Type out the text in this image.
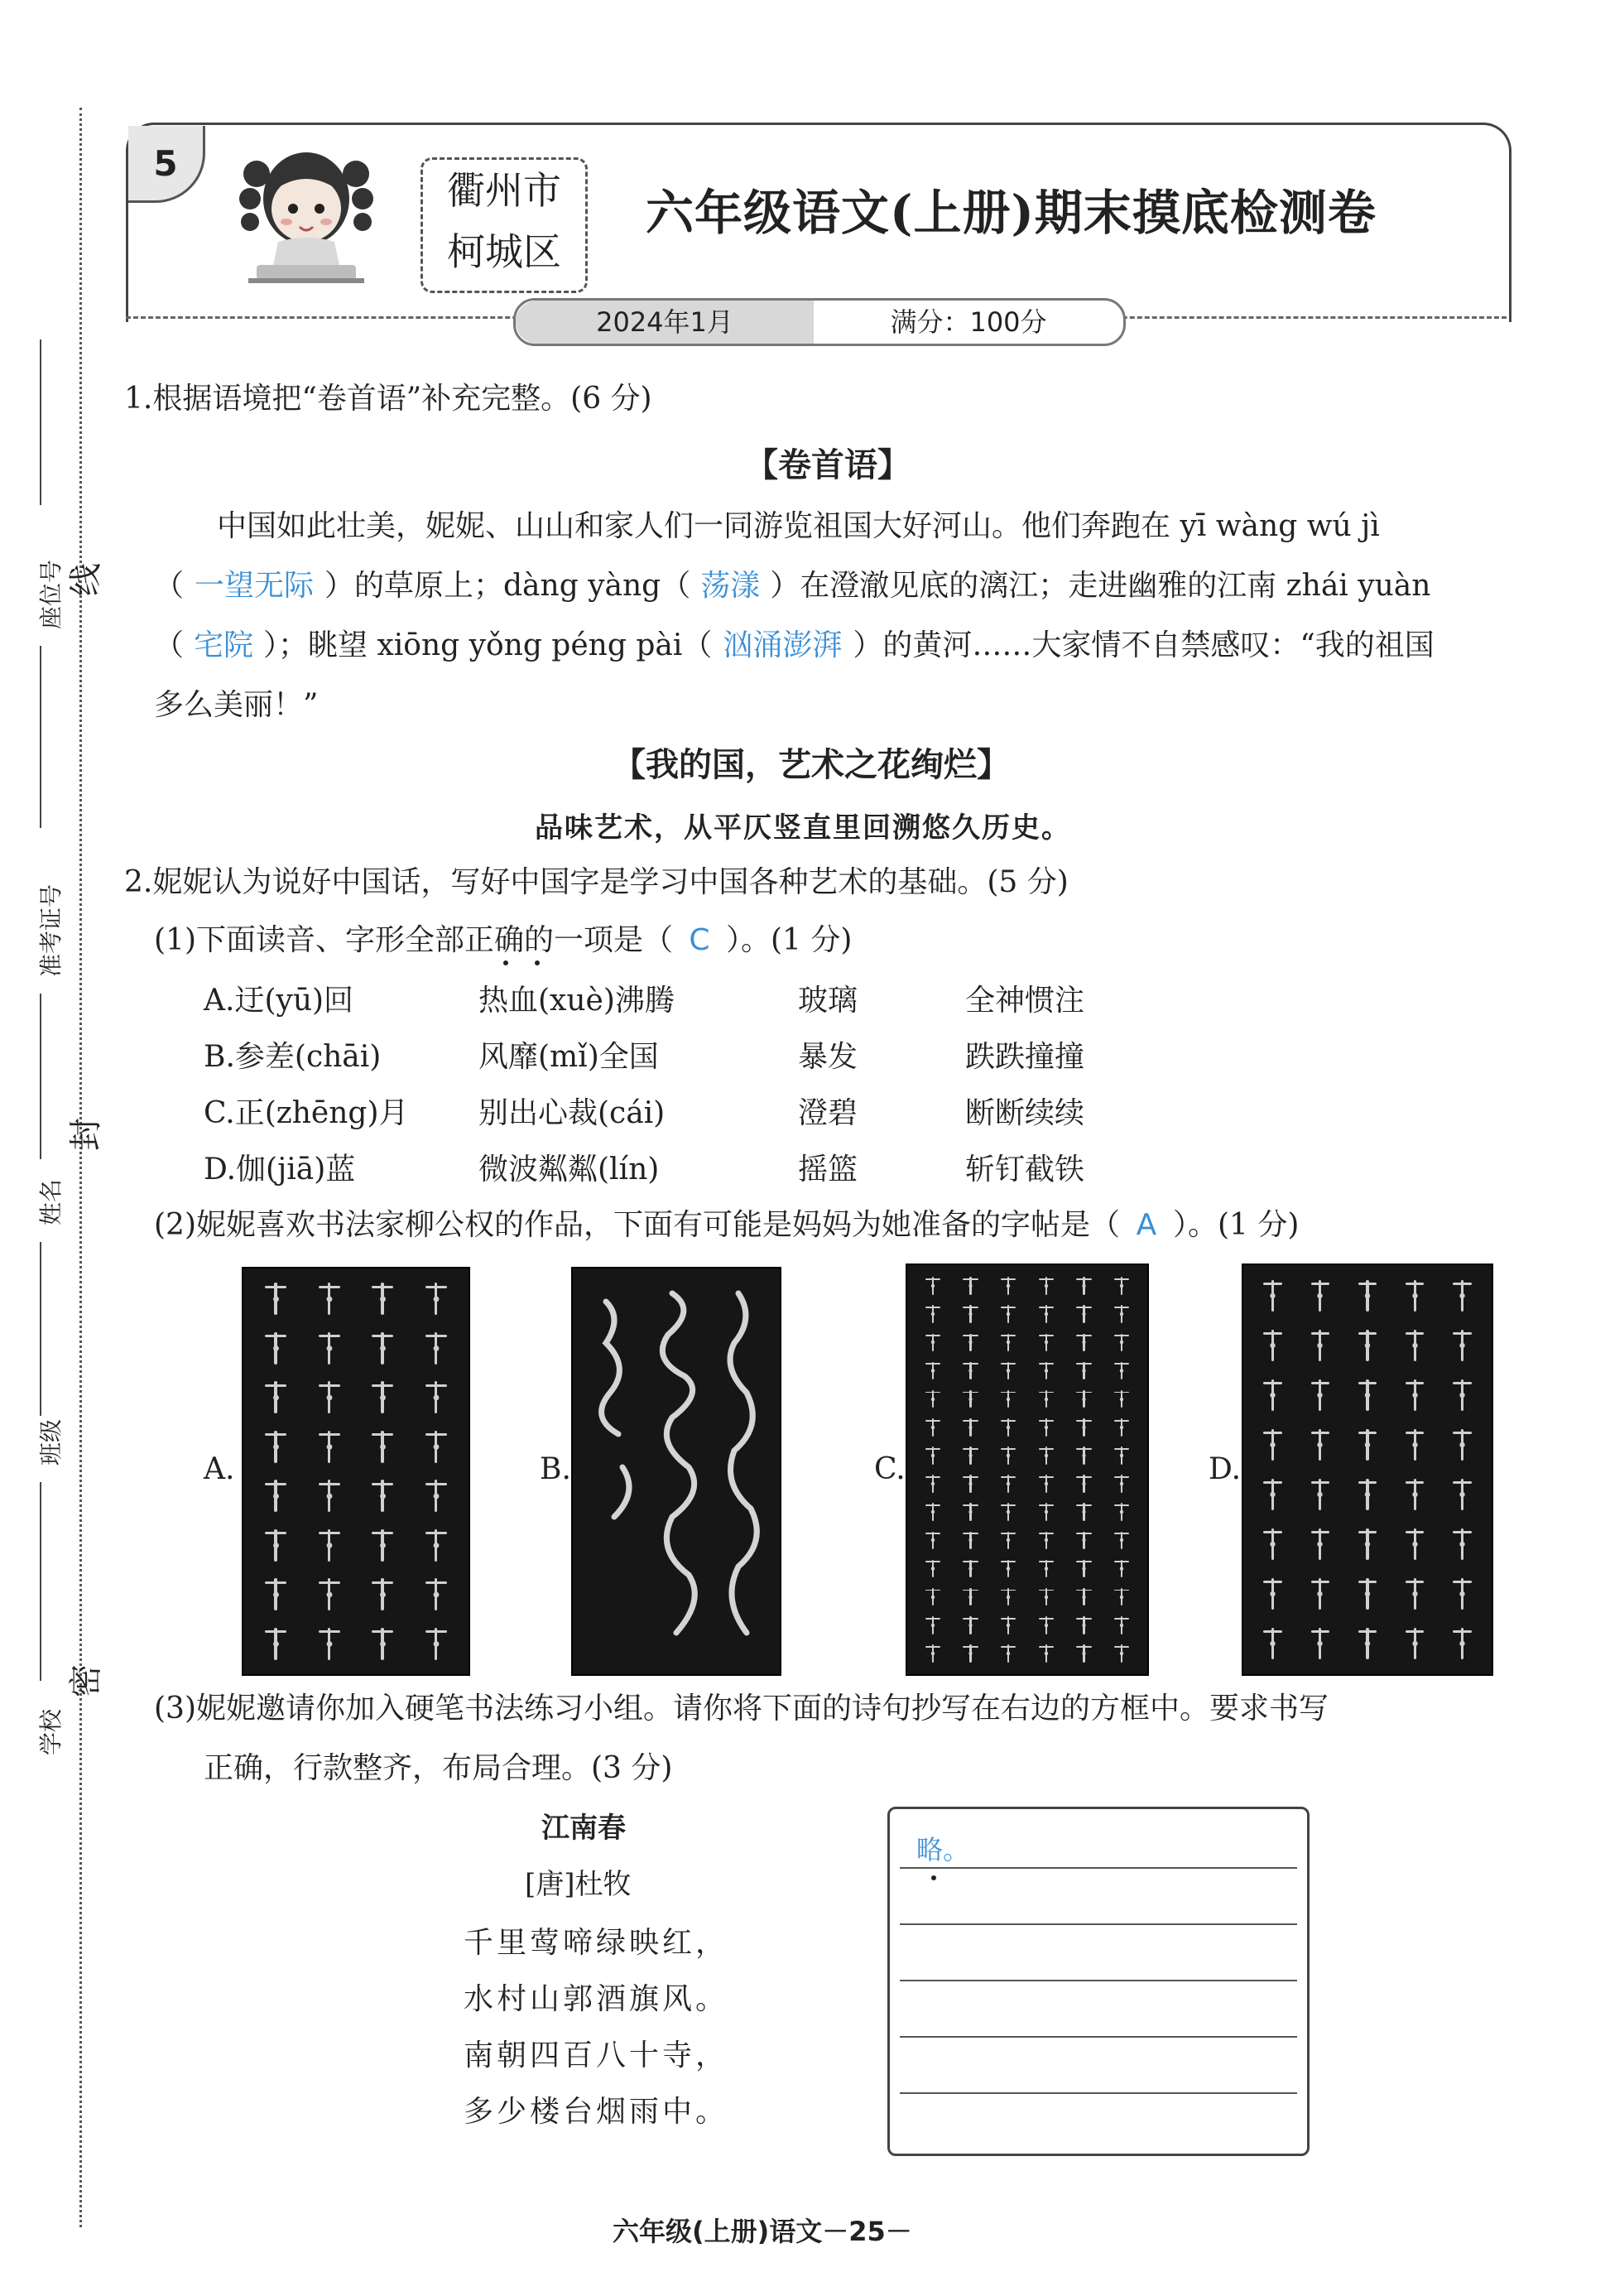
座位号 线
准考证号
封
姓名
班级
密
学校
5
衢州市
柯城区
六年级语文(上册)期末摸底检测卷
2024年1月	满分：100分
1.根据语境把“卷首语”补充完整。(6 分)
【卷首语】
中国如此壮美，妮妮、山山和家人们一同游览祖国大好河山。他们奔跑在 yī wàng wú jì
（ 一望无际 ）的草原上；dàng yàng（ 荡漾 ）在澄澈见底的漓江；走进幽雅的江南 zhái yuàn
（ 宅院 ）；眺望 xiōng yǒng péng pài（ 汹涌澎湃 ）的黄河……大家情不自禁感叹：“我的祖国
多么美丽！”
【我的国，艺术之花绚烂】
品味艺术，从平仄竖直里回溯悠久历史。
2.妮妮认为说好中国话，写好中国字是学习中国各种艺术的基础。(5 分)
(1)下面读音、字形全部正确的一项是（ C ）。(1 分)
A.迂(yū)回	热血(xuè)沸腾	玻璃	全神惯注
B.参差(chāi)	风靡(mǐ)全国	暴发	跌跌撞撞
C.正(zhēng)月 别出心裁(cái)	澄碧	断断续续
D.伽(jiā)蓝	微波粼粼(lín)	摇篮	斩钉截铁
(2)妮妮喜欢书法家柳公权的作品，下面有可能是妈妈为她准备的字帖是（ A ）。(1 分)
A.	B.	C.	D.
(3)妮妮邀请你加入硬笔书法练习小组。请你将下面的诗句抄写在右边的方框中。要求书写
正确，行款整齐，布局合理。(3 分)
江南春
[唐]杜牧
千里莺啼绿映红，
水村山郭酒旗风。
南朝四百八十寺，
多少楼台烟雨中。
略。
六年级(上册)语文－25－
